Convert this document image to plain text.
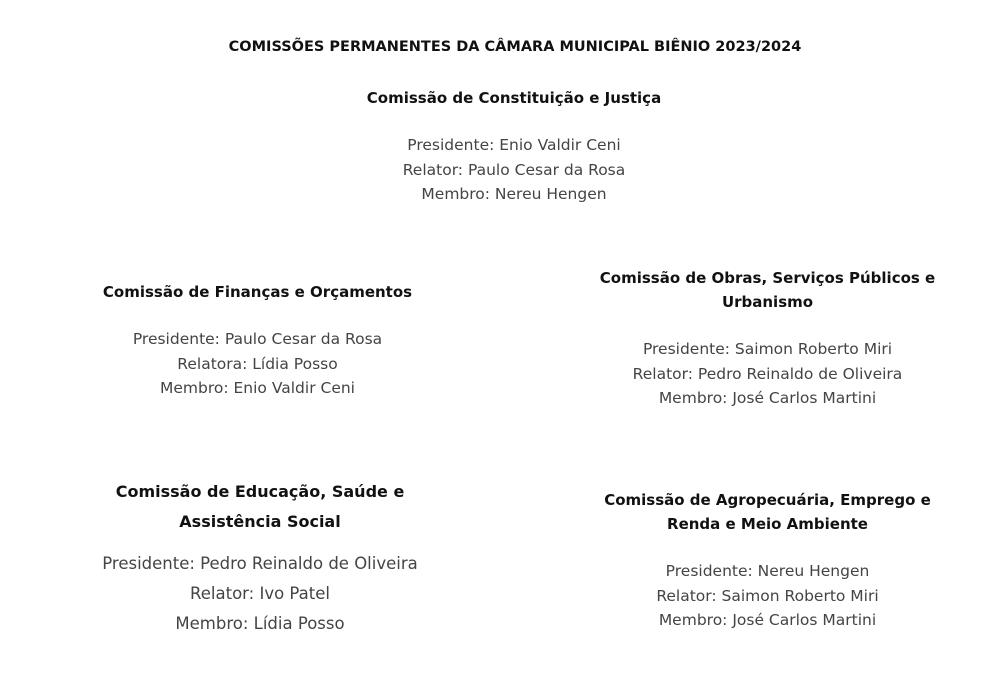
COMISSÕES PERMANENTES DA CÂMARA MUNICIPAL BIÊNIO 2023/2024
Comissão de Constituição e Justiça
Presidente: Enio Valdir Ceni
Relator: Paulo Cesar da Rosa
Membro: Nereu Hengen
Comissão de Finanças e Orçamentos
Presidente: Paulo Cesar da Rosa
Relatora: Lídia Posso
Membro: Enio Valdir Ceni
Comissão de Obras, Serviços Públicos e
Urbanismo
Presidente: Saimon Roberto Miri
Relator: Pedro Reinaldo de Oliveira
Membro: José Carlos Martini
Comissão de Educação, Saúde e
Assistência Social
Presidente: Pedro Reinaldo de Oliveira
Relator: Ivo Patel
Membro: Lídia Posso
Comissão de Agropecuária, Emprego e
Renda e Meio Ambiente
Presidente: Nereu Hengen
Relator: Saimon Roberto Miri
Membro: José Carlos Martini
